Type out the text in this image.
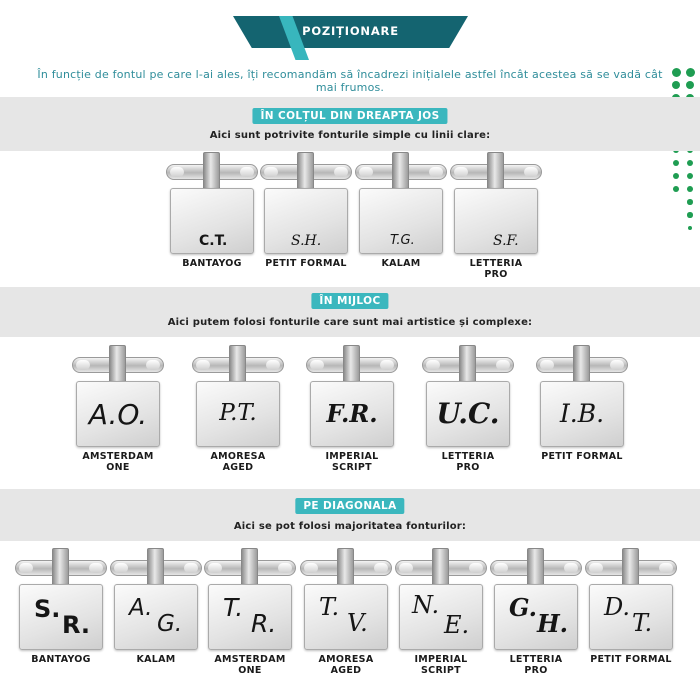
POZIȚIONARE
În funcție de fontul pe care l-ai ales, îți recomandăm să încadrezi inițialele astfel încât acestea să se vadă cât mai frumos.
ÎN COLȚUL DIN DREAPTA JOS
Aici sunt potrivite fonturile simple cu linii clare:
C.T.
BANTAYOG
S.H.
PETIT FORMAL
T.G.
KALAM
S.F.
LETTERIA
PRO
ÎN MIJLOC
Aici putem folosi fonturile care sunt mai artistice și complexe:
A.O.
AMSTERDAM
ONE
P.T.
AMORESA
AGED
F.R.
IMPERIAL
SCRIPT
U.C.
LETTERIA
PRO
I.B.
PETIT FORMAL
PE DIAGONALA
Aici se pot folosi majoritatea fonturilor:
S.
R.
BANTAYOG
A.
G.
KALAM
T.
R.
AMSTERDAM
ONE
T.
V.
AMORESA
AGED
N.
E.
IMPERIAL
SCRIPT
G.
H.
LETTERIA
PRO
D.
T.
PETIT FORMAL
